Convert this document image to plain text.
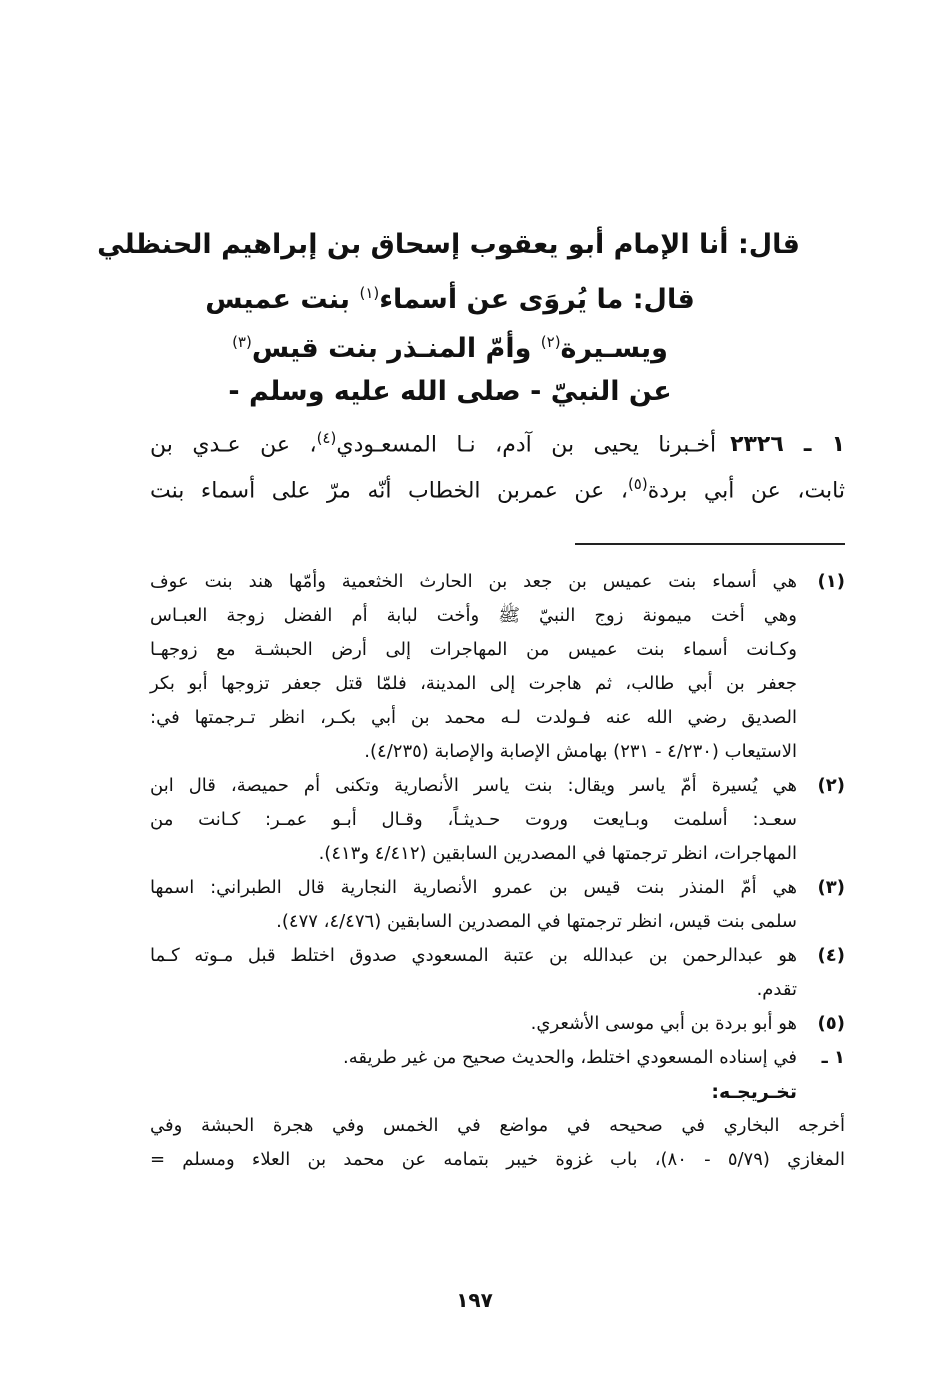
قال: أنا الإمام أبو يعقوب إسحاق بن إبراهيم الحنظلي
قال: ما يُروَى عن أسماء$^{(١)}$ بنت عميس
ويسـيرة$^{(٢)}$ وأمّ المنـذر بنت قيس$^{(٣)}$
عن النبيّ - صلى الله عليه وسلم -
١ ـ ٢٣٢٦أخـبرنا يحيى بن آدم، نـا المسعـودي$^{(٤)}$، عن عـدي بن
ثابت، عن أبي بردة$^{(٥)}$، عن عمربن الخطاب أنّه مرّ على أسماء بنت
(١)
هي أسماء بنت عميس بن جعد بن الحارث الخثعمية وأمّها هند بنت عوف
وهي أخت ميمونة زوج النبيّ ﷺ وأخت لبابة أم الفضل زوجة العبـاس
وكـانت أسماء بنت عميس من المهاجرات إلى أرض الحبشـة مع زوجهـا
جعفر بن أبي طالب، ثم هاجرت إلى المدينة، فلمّا قتل جعفر تزوجها أبو بكر
الصديق رضي الله عنه فـولدت لـه محمد بن أبي بكـر، انظر تـرجمتها في:
الاستيعاب (٤/٢٣٠ - ٢٣١) بهامش الإصابة والإصابة (٤/٢٣٥).
(٢)
هي يُسيرة أمّ ياسر ويقال: بنت ياسر الأنصارية وتكنى أم حميصة، قال ابن
سعـد: أسلمت وبـايعت وروت حـديثـاً، وقـال أبـو عمـر: كـانت من
المهاجرات، انظر ترجمتها في المصدرين السابقين (٤/٤١٢ و٤١٣).
(٣)
هي أمّ المنذر بنت قيس بن عمرو الأنصارية النجارية قال الطبراني: اسمها
سلمى بنت قيس، انظر ترجمتها في المصدرين السابقين (٤/٤٧٦، ٤٧٧).
(٤)
هو عبدالرحمن بن عبدالله بن عتبة المسعودي صدوق اختلط قبل مـوته كـما
تقدم.
(٥)
هو أبو بردة بن أبي موسى الأشعري.
١ ـ
في إسناده المسعودي اختلط، والحديث صحيح من غير طريقه.
تخـريجـه:
أخرجه البخاري في صحيحه في مواضع في الخمس وفي هجرة الحبشة وفي
المغازي (٥/٧٩ - ٨٠)، باب غزوة خيبر بتمامه عن محمد بن العلاء ومسلم =
١٩٧
